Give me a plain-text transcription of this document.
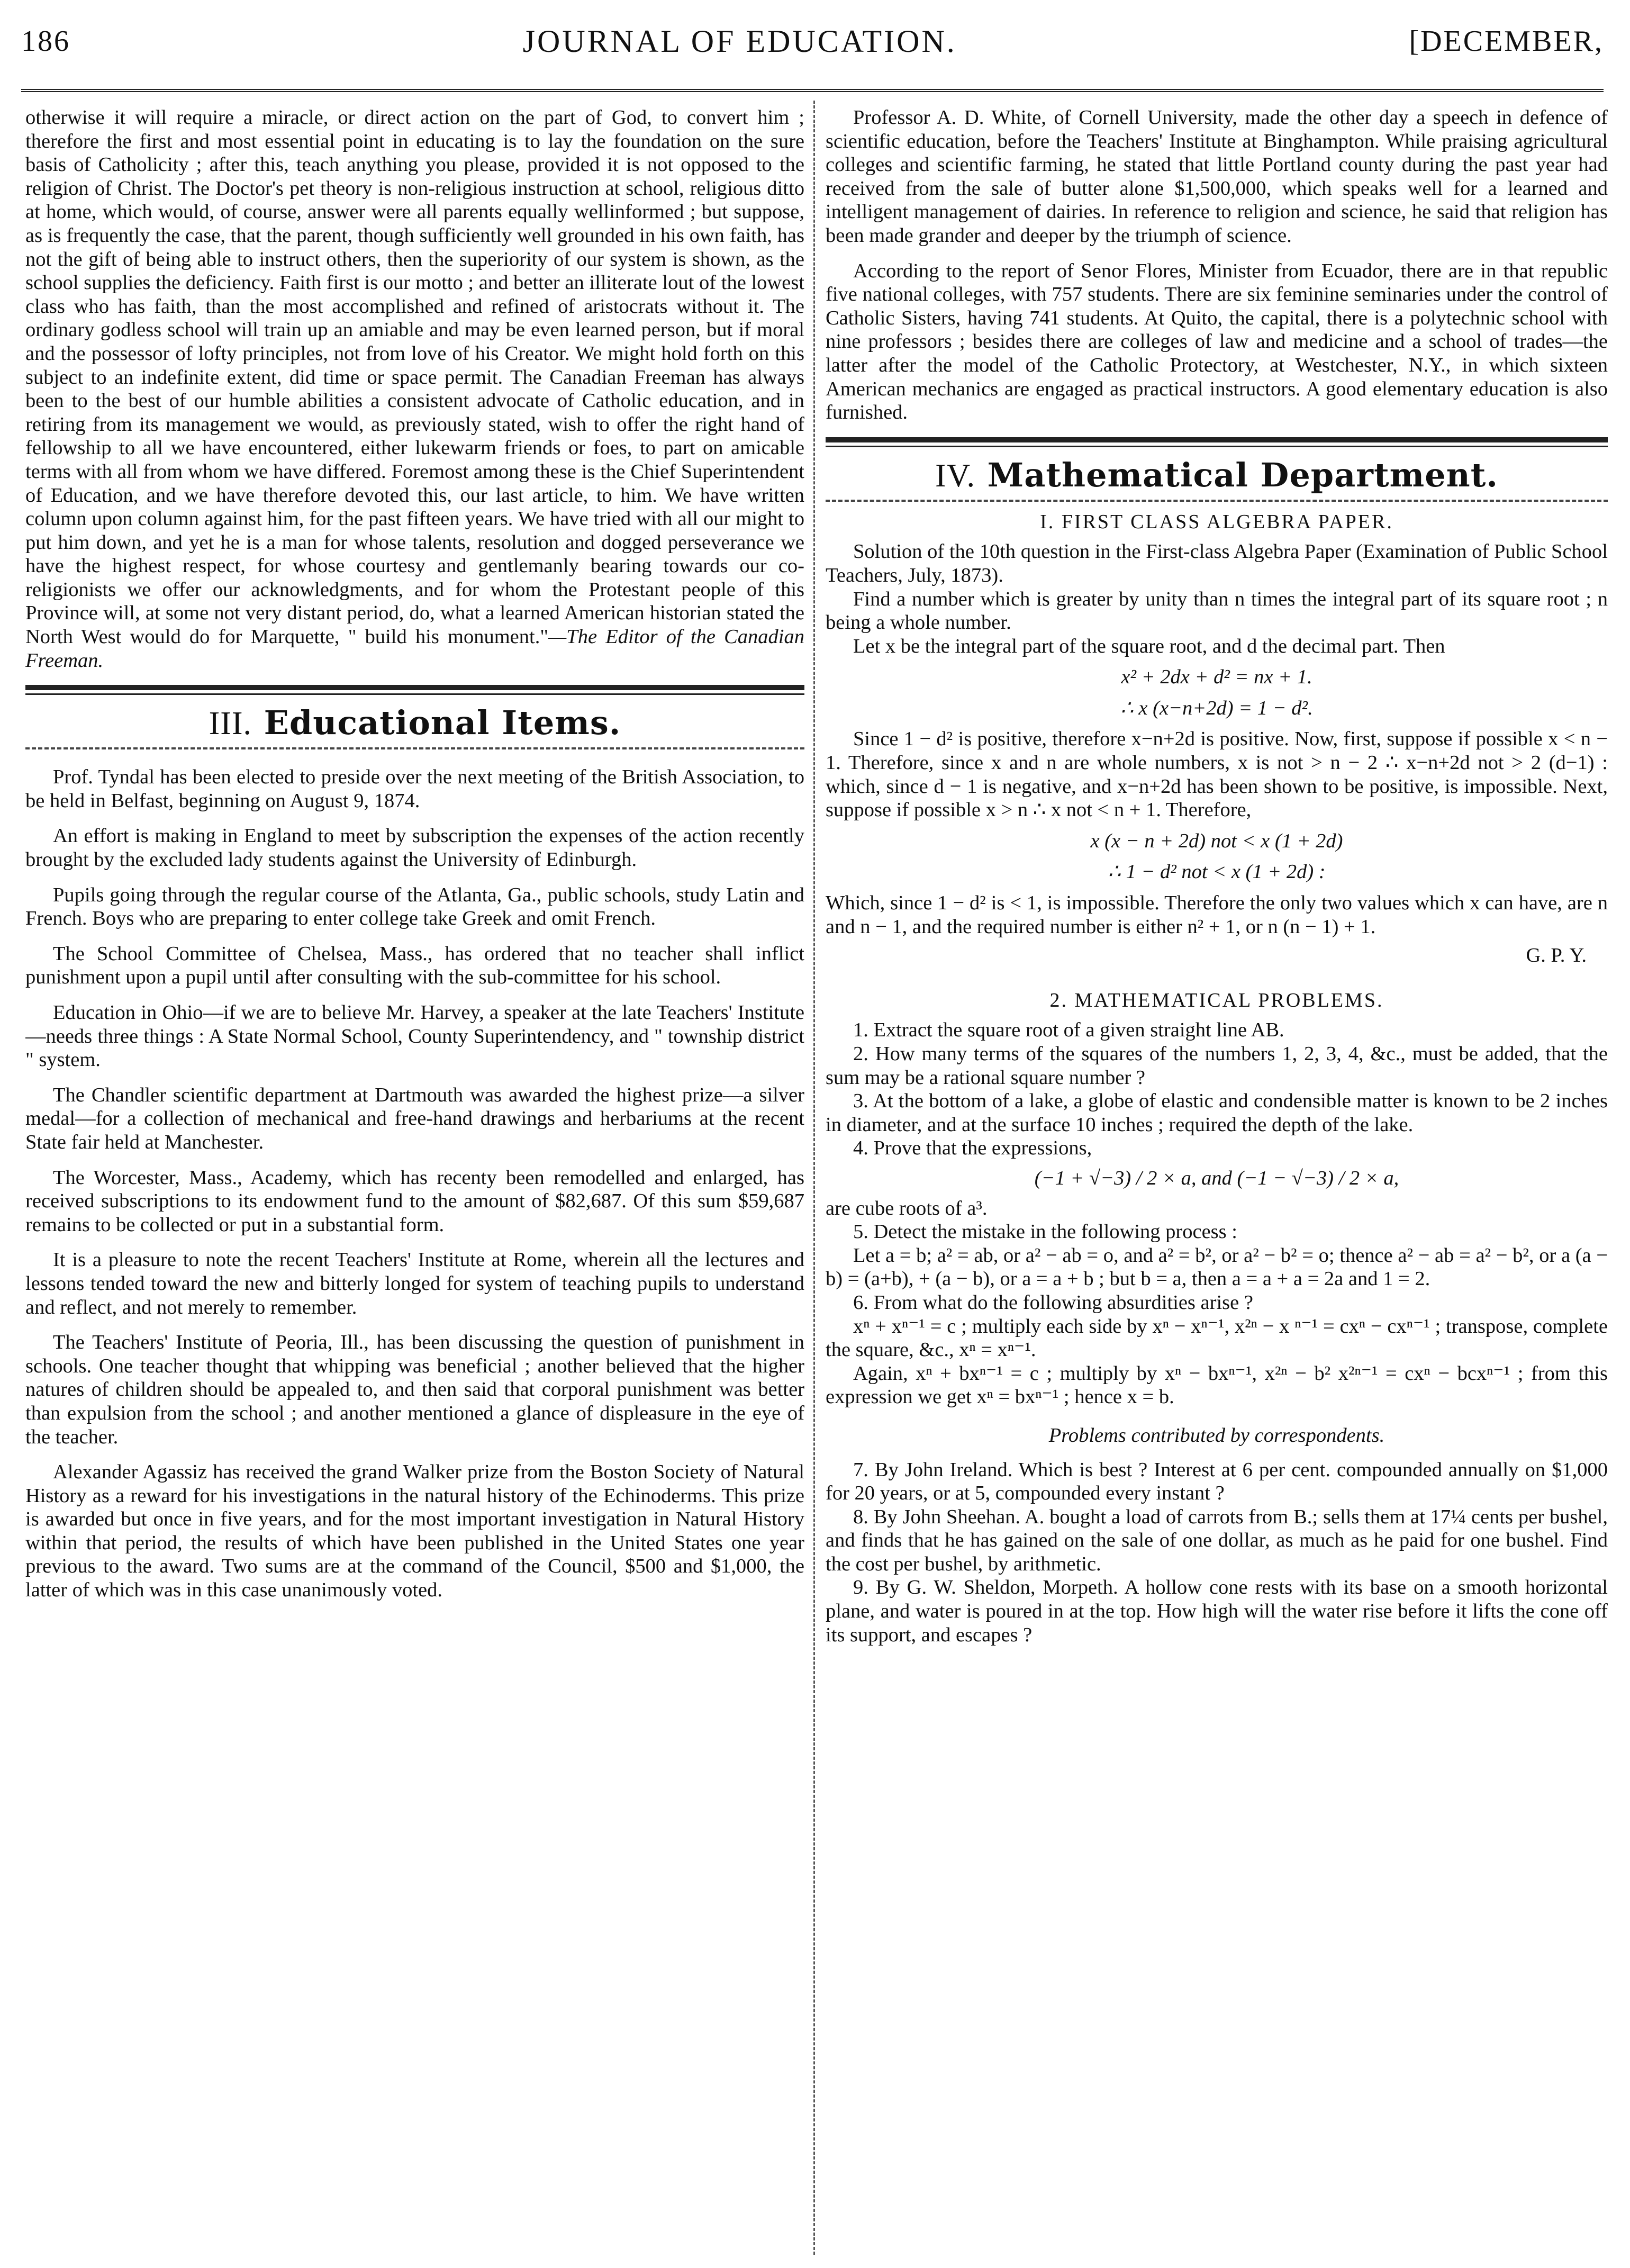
186	JOURNAL OF EDUCATION.	[DECEMBER,

otherwise it will require a miracle, or direct action on the part of God, to convert him ; therefore the first and most essential point in educating is to lay the foundation on the sure basis of Catholicity ; after this, teach anything you please, provided it is not opposed to the religion of Christ. The Doctor's pet theory is non-religious instruction at school, religious ditto at home, which would, of course, answer were all parents equally wellinformed ; but suppose, as is frequently the case, that the parent, though sufficiently well grounded in his own faith, has not the gift of being able to instruct others, then the superiority of our system is shown, as the school supplies the deficiency. Faith first is our motto ; and better an illiterate lout of the lowest class who has faith, than the most accomplished and refined of aristocrats without it. The ordinary godless school will train up an amiable and may be even learned person, but if moral and the possessor of lofty principles, not from love of his Creator. We might hold forth on this subject to an indefinite extent, did time or space permit. The Canadian Freeman has always been to the best of our humble abilities a consistent advocate of Catholic education, and in retiring from its management we would, as previously stated, wish to offer the right hand of fellowship to all we have encountered, either lukewarm friends or foes, to part on amicable terms with all from whom we have differed. Foremost among these is the Chief Superintendent of Education, and we have therefore devoted this, our last article, to him. We have written column upon column against him, for the past fifteen years. We have tried with all our might to put him down, and yet he is a man for whose talents, resolution and dogged perseverance we have the highest respect, for whose courtesy and gentlemanly bearing towards our co-religionists we offer our acknowledgments, and for whom the Protestant people of this Province will, at some not very distant period, do, what a learned American historian stated the North West would do for Marquette, " build his monument."—The Editor of the Canadian Freeman.

III. Educational Items.

Prof. Tyndal has been elected to preside over the next meeting of the British Association, to be held in Belfast, beginning on August 9, 1874.

An effort is making in England to meet by subscription the expenses of the action recently brought by the excluded lady students against the University of Edinburgh.

Pupils going through the regular course of the Atlanta, Ga., public schools, study Latin and French. Boys who are preparing to enter college take Greek and omit French.

The School Committee of Chelsea, Mass., has ordered that no teacher shall inflict punishment upon a pupil until after consulting with the sub-committee for his school.

Education in Ohio—if we are to believe Mr. Harvey, a speaker at the late Teachers' Institute—needs three things : A State Normal School, County Superintendency, and " township district " system.

The Chandler scientific department at Dartmouth was awarded the highest prize—a silver medal—for a collection of mechanical and free-hand drawings and herbariums at the recent State fair held at Manchester.

The Worcester, Mass., Academy, which has recenty been remodelled and enlarged, has received subscriptions to its endowment fund to the amount of $82,687. Of this sum $59,687 remains to be collected or put in a substantial form.

It is a pleasure to note the recent Teachers' Institute at Rome, wherein all the lectures and lessons tended toward the new and bitterly longed for system of teaching pupils to understand and reflect, and not merely to remember.

The Teachers' Institute of Peoria, Ill., has been discussing the question of punishment in schools. One teacher thought that whipping was beneficial ; another believed that the higher natures of children should be appealed to, and then said that corporal punishment was better than expulsion from the school ; and another mentioned a glance of displeasure in the eye of the teacher.

Alexander Agassiz has received the grand Walker prize from the Boston Society of Natural History as a reward for his investigations in the natural history of the Echinoderms. This prize is awarded but once in five years, and for the most important investigation in Natural History within that period, the results of which have been published in the United States one year previous to the award. Two sums are at the command of the Council, $500 and $1,000, the latter of which was in this case unanimously voted.

Professor A. D. White, of Cornell University, made the other day a speech in defence of scientific education, before the Teachers' Institute at Binghampton. While praising agricultural colleges and scientific farming, he stated that little Portland county during the past year had received from the sale of butter alone $1,500,000, which speaks well for a learned and intelligent management of dairies. In reference to religion and science, he said that religion has been made grander and deeper by the triumph of science.

According to the report of Senor Flores, Minister from Ecuador, there are in that republic five national colleges, with 757 students. There are six feminine seminaries under the control of Catholic Sisters, having 741 students. At Quito, the capital, there is a polytechnic school with nine professors ; besides there are colleges of law and medicine and a school of trades—the latter after the model of the Catholic Protectory, at Westchester, N.Y., in which sixteen American mechanics are engaged as practical instructors. A good elementary education is also furnished.

IV. Mathematical Department.
I. FIRST CLASS ALGEBRA PAPER.

Solution of the 10th question in the First-class Algebra Paper (Examination of Public School Teachers, July, 1873).

Find a number which is greater by unity than n times the integral part of its square root ; n being a whole number.

Let x be the integral part of the square root, and d the decimal part. Then

x² + 2dx + d² = nx + 1.
∴ x (x−n+2d) = 1 − d².

Since 1 − d² is positive, therefore x−n+2d is positive. Now, first, suppose if possible x < n − 1. Therefore, since x and n are whole numbers, x is not > n − 2 ∴ x−n+2d not > 2 (d−1) : which, since d − 1 is negative, and x−n+2d has been shown to be positive, is impossible. Next, suppose if possible x > n ∴ x not < n + 1. Therefore,

x (x − n + 2d) not < x (1 + 2d)
∴ 1 − d² not < x (1 + 2d) :

Which, since 1 − d² is < 1, is impossible. Therefore the only two values which x can have, are n and n − 1, and the required number is either n² + 1, or n (n − 1) + 1.

G. P. Y.
2. MATHEMATICAL PROBLEMS.

1. Extract the square root of a given straight line AB.

2. How many terms of the squares of the numbers 1, 2, 3, 4, &c., must be added, that the sum may be a rational square number ?

3. At the bottom of a lake, a globe of elastic and condensible matter is known to be 2 inches in diameter, and at the surface 10 inches ; required the depth of the lake.

4. Prove that the expressions,

(−1 + √−3) / 2 × a, and (−1 − √−3) / 2 × a,

are cube roots of a³.

5. Detect the mistake in the following process :

Let a = b; a² = ab, or a² − ab = o, and a² = b², or a² − b² = o; thence a² − ab = a² − b², or a (a − b) = (a+b), + (a − b), or a = a + b ; but b = a, then a = a + a = 2a and 1 = 2.

6. From what do the following absurdities arise ?

xⁿ + xⁿ⁻¹ = c ; multiply each side by xⁿ − xⁿ⁻¹, x²ⁿ − x ⁿ⁻¹ = cxⁿ − cxⁿ⁻¹ ; transpose, complete the square, &c., xⁿ = xⁿ⁻¹.

Again, xⁿ + bxⁿ⁻¹ = c ; multiply by xⁿ − bxⁿ⁻¹, x²ⁿ − b² x²ⁿ⁻¹ = cxⁿ − bcxⁿ⁻¹ ; from this expression we get xⁿ = bxⁿ⁻¹ ; hence x = b.

Problems contributed by correspondents.

7. By John Ireland. Which is best ? Interest at 6 per cent. compounded annually on $1,000 for 20 years, or at 5, compounded every instant ?

8. By John Sheehan. A. bought a load of carrots from B.; sells them at 17¼ cents per bushel, and finds that he has gained on the sale of one dollar, as much as he paid for one bushel. Find the cost per bushel, by arithmetic.

9. By G. W. Sheldon, Morpeth. A hollow cone rests with its base on a smooth horizontal plane, and water is poured in at the top. How high will the water rise before it lifts the cone off its support, and escapes ?
